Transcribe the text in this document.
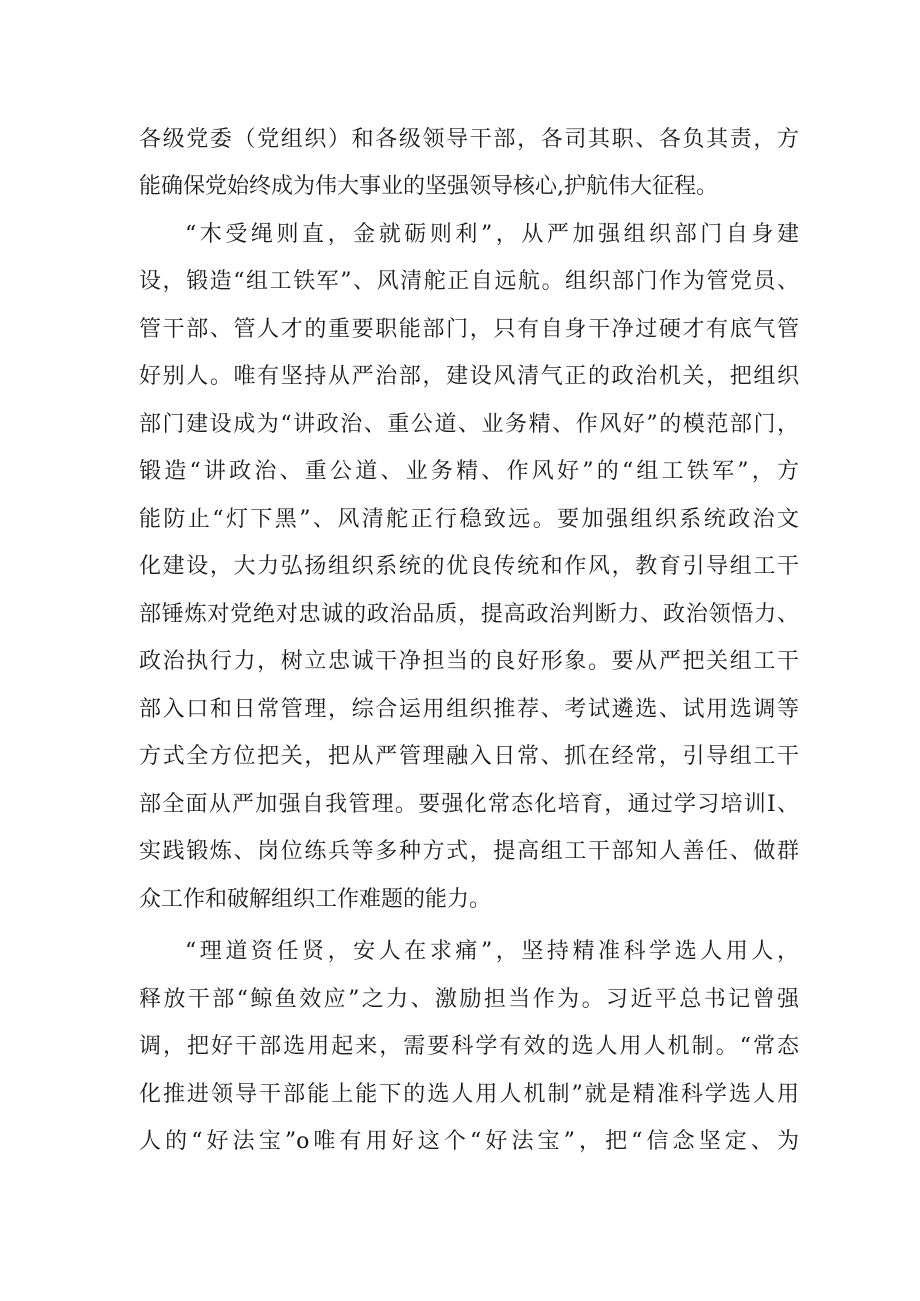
各级党委（党组织）和各级领导干部，各司其职、各负其责，方
能确保党始终成为伟大事业的坚强领导核心,护航伟大征程。
“木受绳则直，金就砺则利”，从严加强组织部门自身建
设，锻造“组工铁军”、风清舵正自远航。组织部门作为管党员、
管干部、管人才的重要职能部门，只有自身干净过硬才有底气管
好别人。唯有坚持从严治部，建设风清气正的政治机关，把组织
部门建设成为“讲政治、重公道、业务精、作风好”的模范部门，
锻造“讲政治、重公道、业务精、作风好”的“组工铁军”，方
能防止“灯下黑”、风清舵正行稳致远。要加强组织系统政治文
化建设，大力弘扬组织系统的优良传统和作风，教育引导组工干
部锤炼对党绝对忠诚的政治品质，提高政治判断力、政治领悟力、
政治执行力，树立忠诚干净担当的良好形象。要从严把关组工干
部入口和日常管理，综合运用组织推荐、考试遴选、试用选调等
方式全方位把关，把从严管理融入日常、抓在经常，引导组工干
部全面从严加强自我管理。要强化常态化培育，通过学习培训I、
实践锻炼、岗位练兵等多种方式，提高组工干部知人善任、做群
众工作和破解组织工作难题的能力。
“理道资任贤，安人在求痛”，坚持精准科学选人用人，
释放干部“鲸鱼效应”之力、激励担当作为。习近平总书记曾强
调，把好干部选用起来，需要科学有效的选人用人机制。“常态
化推进领导干部能上能下的选人用人机制”就是精准科学选人用
人的“好法宝”o唯有用好这个“好法宝”，把“信念坚定、为
